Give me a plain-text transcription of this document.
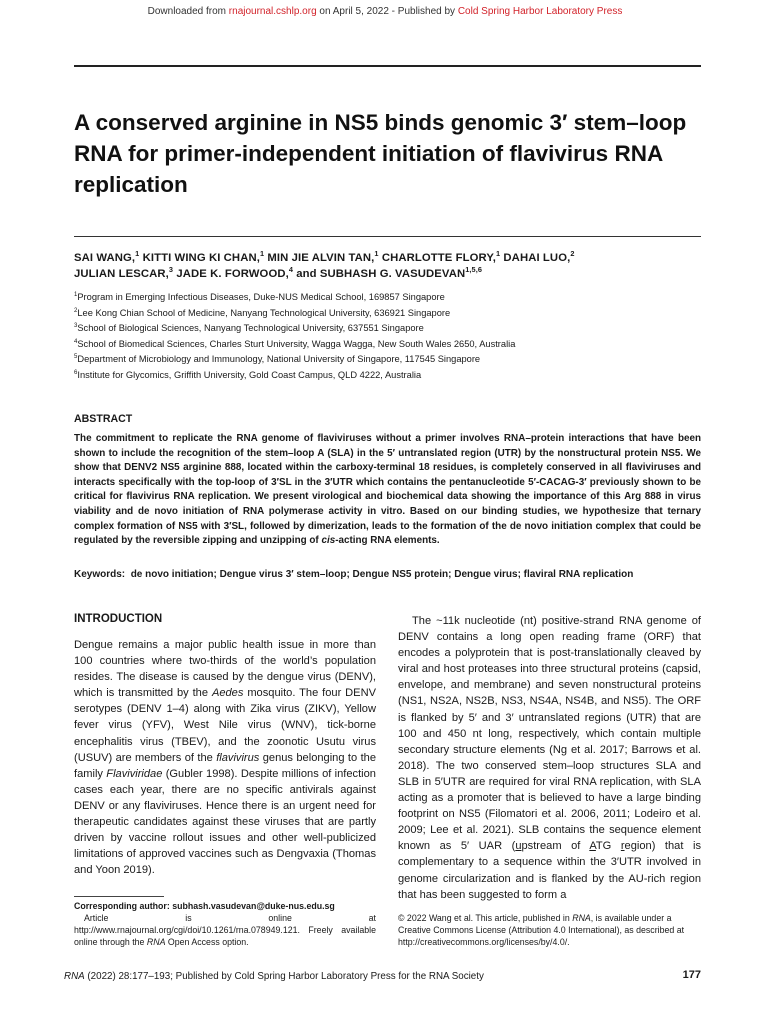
Downloaded from rnajournal.cshlp.org on April 5, 2022 - Published by Cold Spring Harbor Laboratory Press
A conserved arginine in NS5 binds genomic 3′ stem–loop RNA for primer-independent initiation of flavivirus RNA replication
SAI WANG,$^1$ KITTI WING KI CHAN,$^1$ MIN JIE ALVIN TAN,$^1$ CHARLOTTE FLORY,$^1$ DAHAI LUO,$^2$
JULIAN LESCAR,$^3$ JADE K. FORWOOD,$^4$ and SUBHASH G. VASUDEVAN$^{1,5,6}$
$^1$Program in Emerging Infectious Diseases, Duke-NUS Medical School, 169857 Singapore
$^2$Lee Kong Chian School of Medicine, Nanyang Technological University, 636921 Singapore
$^3$School of Biological Sciences, Nanyang Technological University, 637551 Singapore
$^4$School of Biomedical Sciences, Charles Sturt University, Wagga Wagga, New South Wales 2650, Australia
$^5$Department of Microbiology and Immunology, National University of Singapore, 117545 Singapore
$^6$Institute for Glycomics, Griffith University, Gold Coast Campus, QLD 4222, Australia
ABSTRACT
The commitment to replicate the RNA genome of flaviviruses without a primer involves RNA–protein interactions that have been shown to include the recognition of the stem–loop A (SLA) in the 5′ untranslated region (UTR) by the nonstructural protein NS5. We show that DENV2 NS5 arginine 888, located within the carboxy-terminal 18 residues, is completely conserved in all flaviviruses and interacts specifically with the top-loop of 3′SL in the 3′UTR which contains the pentanucleotide 5′-CACAG-3′ previously shown to be critical for flavivirus RNA replication. We present virological and biochemical data showing the importance of this Arg 888 in virus viability and de novo initiation of RNA polymerase activity in vitro. Based on our binding studies, we hypothesize that ternary complex formation of NS5 with 3′SL, followed by dimerization, leads to the formation of the de novo initiation complex that could be regulated by the reversible zipping and unzipping of cis-acting RNA elements.
Keywords: de novo initiation; Dengue virus 3′ stem–loop; Dengue NS5 protein; Dengue virus; flaviral RNA replication
INTRODUCTION
Dengue remains a major public health issue in more than 100 countries where two-thirds of the world’s population resides. The disease is caused by the dengue virus (DENV), which is transmitted by the Aedes mosquito. The four DENV serotypes (DENV 1–4) along with Zika virus (ZIKV), Yellow fever virus (YFV), West Nile virus (WNV), tick-borne encephalitis virus (TBEV), and the zoonotic Usutu virus (USUV) are members of the flavivirus genus belonging to the family Flaviviridae (Gubler 1998). Despite millions of infection cases each year, there are no specific antivirals against DENV or any flaviviruses. Hence there is an urgent need for therapeutic candidates against these viruses that are partly driven by vaccine rollout issues and other well-publicized limitations of approved vaccines such as Dengvaxia (Thomas and Yoon 2019).
The ~11k nucleotide (nt) positive-strand RNA genome of DENV contains a long open reading frame (ORF) that encodes a polyprotein that is post-translationally cleaved by viral and host proteases into three structural proteins (capsid, envelope, and membrane) and seven nonstructural proteins (NS1, NS2A, NS2B, NS3, NS4A, NS4B, and NS5). The ORF is flanked by 5′ and 3′ untranslated regions (UTR) that are 100 and 450 nt long, respectively, which contain multiple secondary structure elements (Ng et al. 2017; Barrows et al. 2018). The two conserved stem–loop structures SLA and SLB in 5′UTR are required for viral RNA replication, with SLA acting as a promoter that is believed to have a large binding footprint on NS5 (Filomatori et al. 2006, 2011; Lodeiro et al. 2009; Lee et al. 2021). SLB contains the sequence element known as 5′ UAR (upstream of ATG region) that is complementary to a sequence within the 3′UTR involved in genome circularization and is flanked by the AU-rich region that has been suggested to form a
Corresponding author: subhash.vasudevan@duke-nus.edu.sg
Article is online at http://www.rnajournal.org/cgi/doi/10.1261/rna.078949.121. Freely available online through the RNA Open Access option.
© 2022 Wang et al. This article, published in RNA, is available under a Creative Commons License (Attribution 4.0 International), as described at http://creativecommons.org/licenses/by/4.0/.
RNA (2022) 28:177–193; Published by Cold Spring Harbor Laboratory Press for the RNA Society	177
